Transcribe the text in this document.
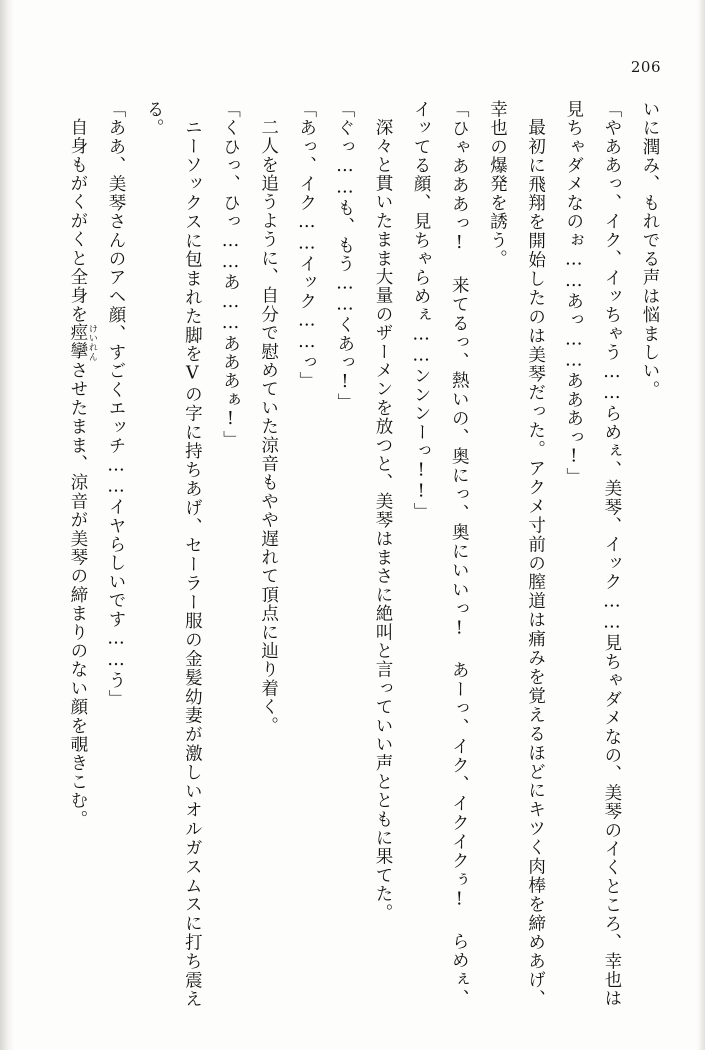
206

いに潤み、もれでる声は悩ましい。

「やああっ、イク、イッちゃう……らめぇ、美琴、イック……見ちゃダメなの、美琴のイくところ、幸也は見ちゃダメなのぉ……あっ……あああっ!」

最初に飛翔を開始したのは美琴だった。アクメ寸前の膣道は痛みを覚えるほどにキツく肉棒を締めあげ、幸也の爆発を誘う。

「ひゃあああっ! 来てるっ、熱いの、奥にっ、奥にいいっ! あーっ、イク、イクイクぅ! らめぇ、イッてる顔、見ちゃらめぇ……ンンンーっ!!」

深々と貫いたまま大量のザーメンを放つと、美琴はまさに絶叫と言っていい声とともに果てた。

「ぐっ……も、もう……くあっ!」

「あっ、イク……イック……っ」

二人を追うように、自分で慰めていた涼音もやや遅れて頂点に辿り着く。

「くひっ、ひっ……あ……あああぁ!」

ニーソックスに包まれた脚をVの字に持ちあげ、セーラー服の金髪幼妻が激しいオルガスムスに打ち震える。

「ああ、美琴さんのアヘ顔、すごくエッチ……イヤらしいです……う」

自身もがくがくと全身を痙攣 けいれんさせたまま、涼音が美琴の締まりのない顔を覗きこむ。
